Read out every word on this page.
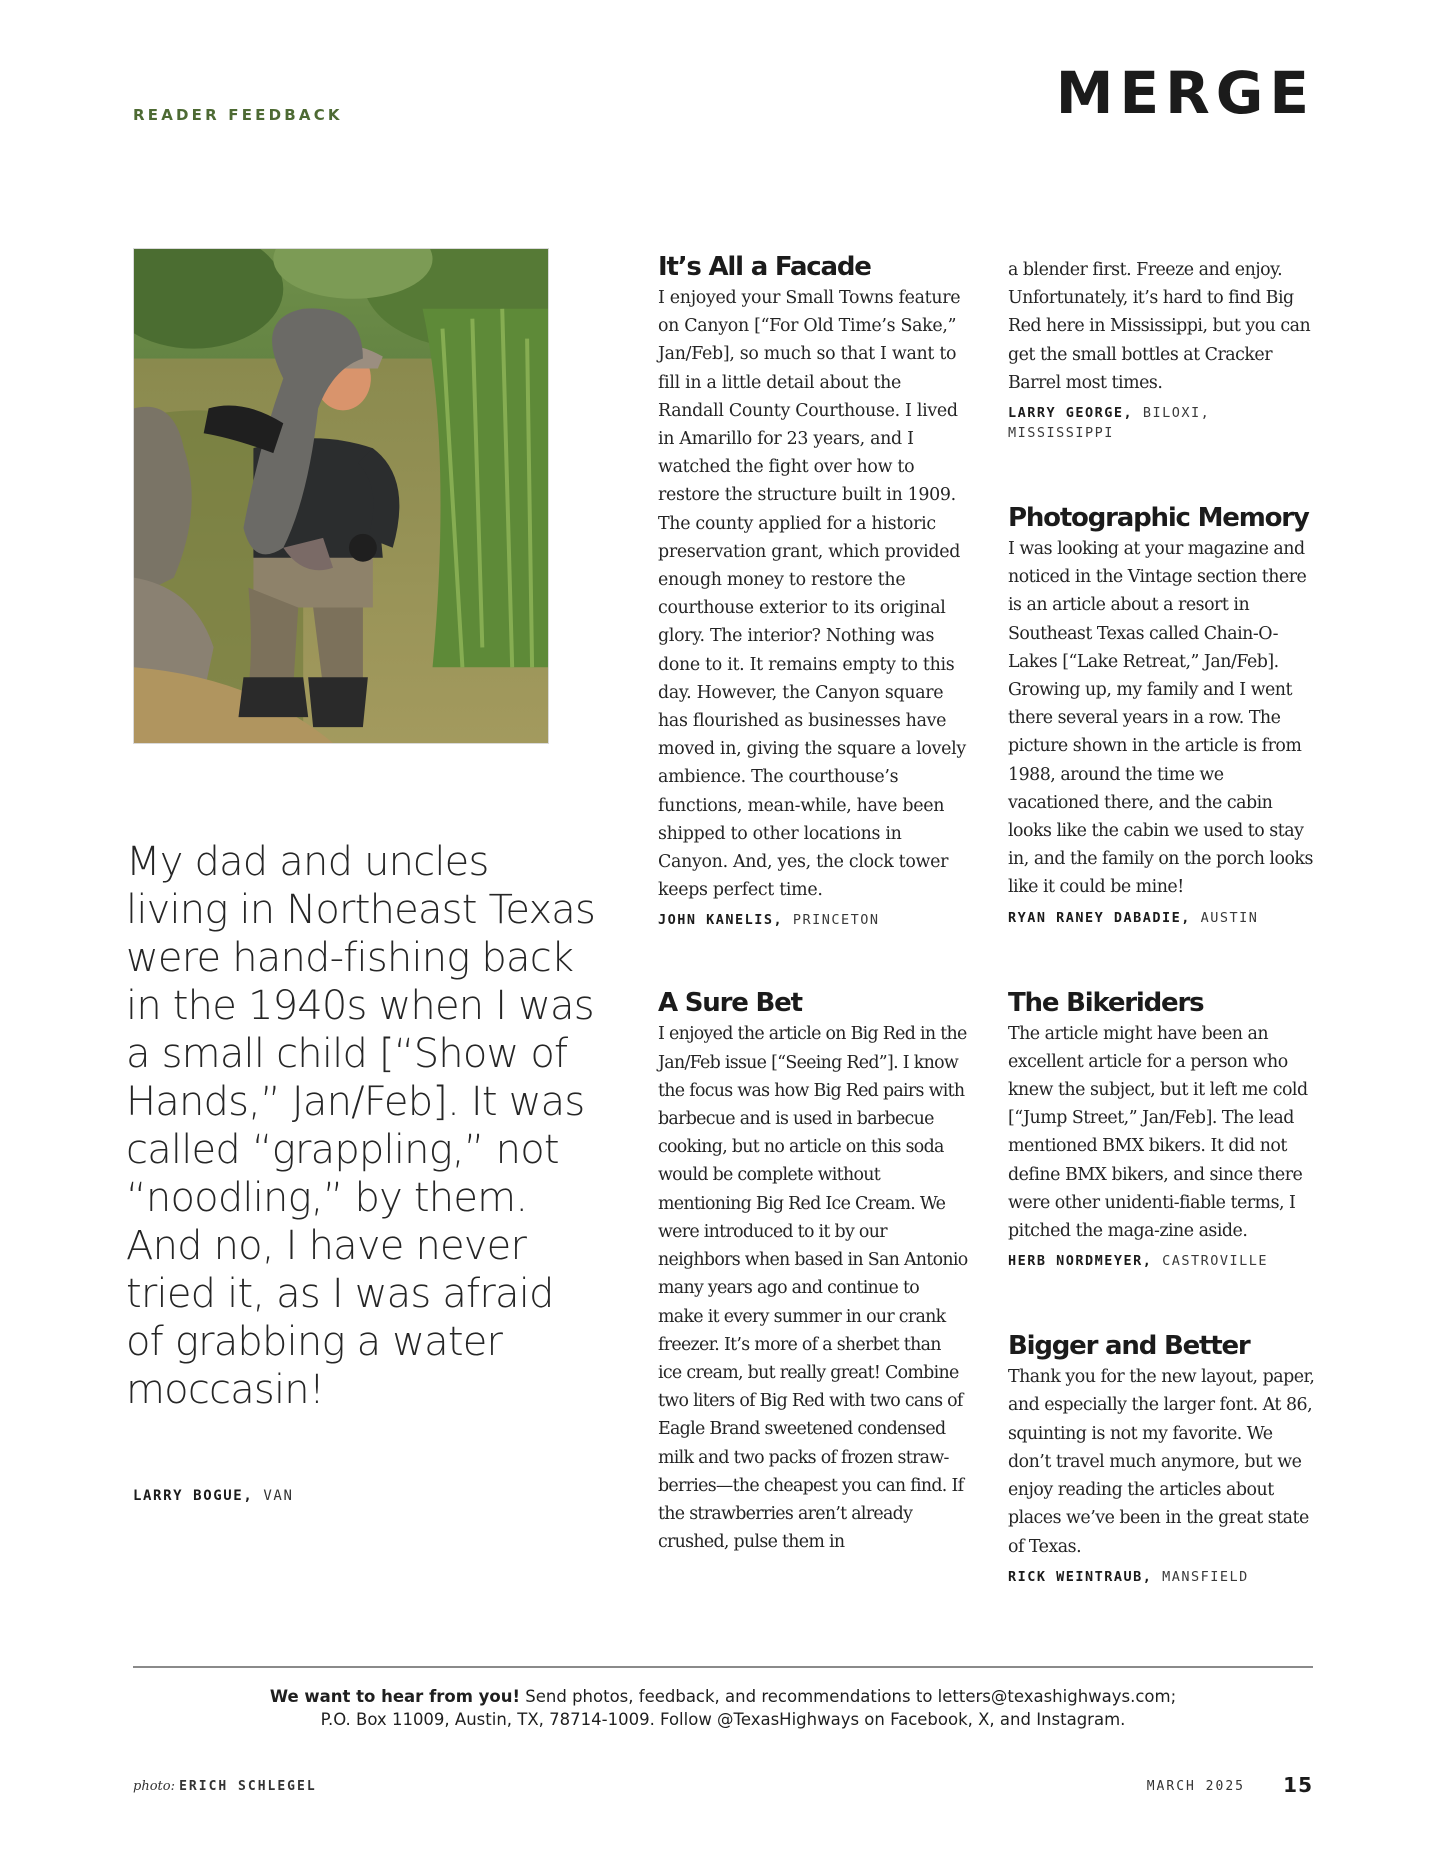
READER FEEDBACK	MERGE
My dad and uncles living in Northeast Texas were hand-fishing back in the 1940s when I was a small child [“Show of Hands,” Jan/Feb]. It was called “grappling,” not “noodling,” by them. And no, I have never tried it, as I was afraid of grabbing a water moccasin!
LARRY BOGUE, VAN
It’s All a Facade

I enjoyed your Small Towns feature on Canyon [“For Old Time’s Sake,” Jan/Feb], so much so that I want to fill in a little detail about the Randall County Courthouse. I lived in Amarillo for 23 years, and I watched the fight over how to restore the structure built in 1909. The county applied for a historic preservation grant, which provided enough money to restore the courthouse exterior to its original glory. The interior? Nothing was done to it. It remains empty to this day. However, the Canyon square has flourished as businesses have moved in, giving the square a lovely ambience. The courthouse’s functions, mean-while, have been shipped to other locations in Canyon. And, yes, the clock tower keeps perfect time.

JOHN KANELIS, PRINCETON
A Sure Bet

I enjoyed the article on Big Red in the Jan/Feb issue [“Seeing Red”]. I know the focus was how Big Red pairs with barbecue and is used in barbecue cooking, but no article on this soda would be complete without mentioning Big Red Ice Cream. We were introduced to it by our neighbors when based in San Antonio many years ago and continue to make it every summer in our crank freezer. It’s more of a sherbet than ice cream, but really great! Combine two liters of Big Red with two cans of Eagle Brand sweetened condensed milk and two packs of frozen straw-berries—the cheapest you can find. If the strawberries aren’t already crushed, pulse them in

a blender first. Freeze and enjoy. Unfortunately, it’s hard to find Big Red here in Mississippi, but you can get the small bottles at Cracker Barrel most times.

LARRY GEORGE, BILOXI, MISSISSIPPI
Photographic Memory

I was looking at your magazine and noticed in the Vintage section there is an article about a resort in Southeast Texas called Chain-O-Lakes [“Lake Retreat,” Jan/Feb]. Growing up, my family and I went there several years in a row. The picture shown in the article is from 1988, around the time we vacationed there, and the cabin looks like the cabin we used to stay in, and the family on the porch looks like it could be mine!

RYAN RANEY DABADIE, AUSTIN
The Bikeriders

The article might have been an excellent article for a person who knew the subject, but it left me cold [“Jump Street,” Jan/Feb]. The lead mentioned BMX bikers. It did not define BMX bikers, and since there were other unidenti-fiable terms, I pitched the maga-zine aside.

HERB NORDMEYER, CASTROVILLE
Bigger and Better

Thank you for the new layout, paper, and especially the larger font. At 86, squinting is not my favorite. We don’t travel much anymore, but we enjoy reading the articles about places we’ve been in the great state of Texas.

RICK WEINTRAUB, MANSFIELD
We want to hear from you! Send photos, feedback, and recommendations to letters@texashighways.com;
P.O. Box 11009, Austin, TX, 78714-1009. Follow @TexasHighways on Facebook, X, and Instagram.
photo: ERICH SCHLEGEL	MARCH 2025 15
